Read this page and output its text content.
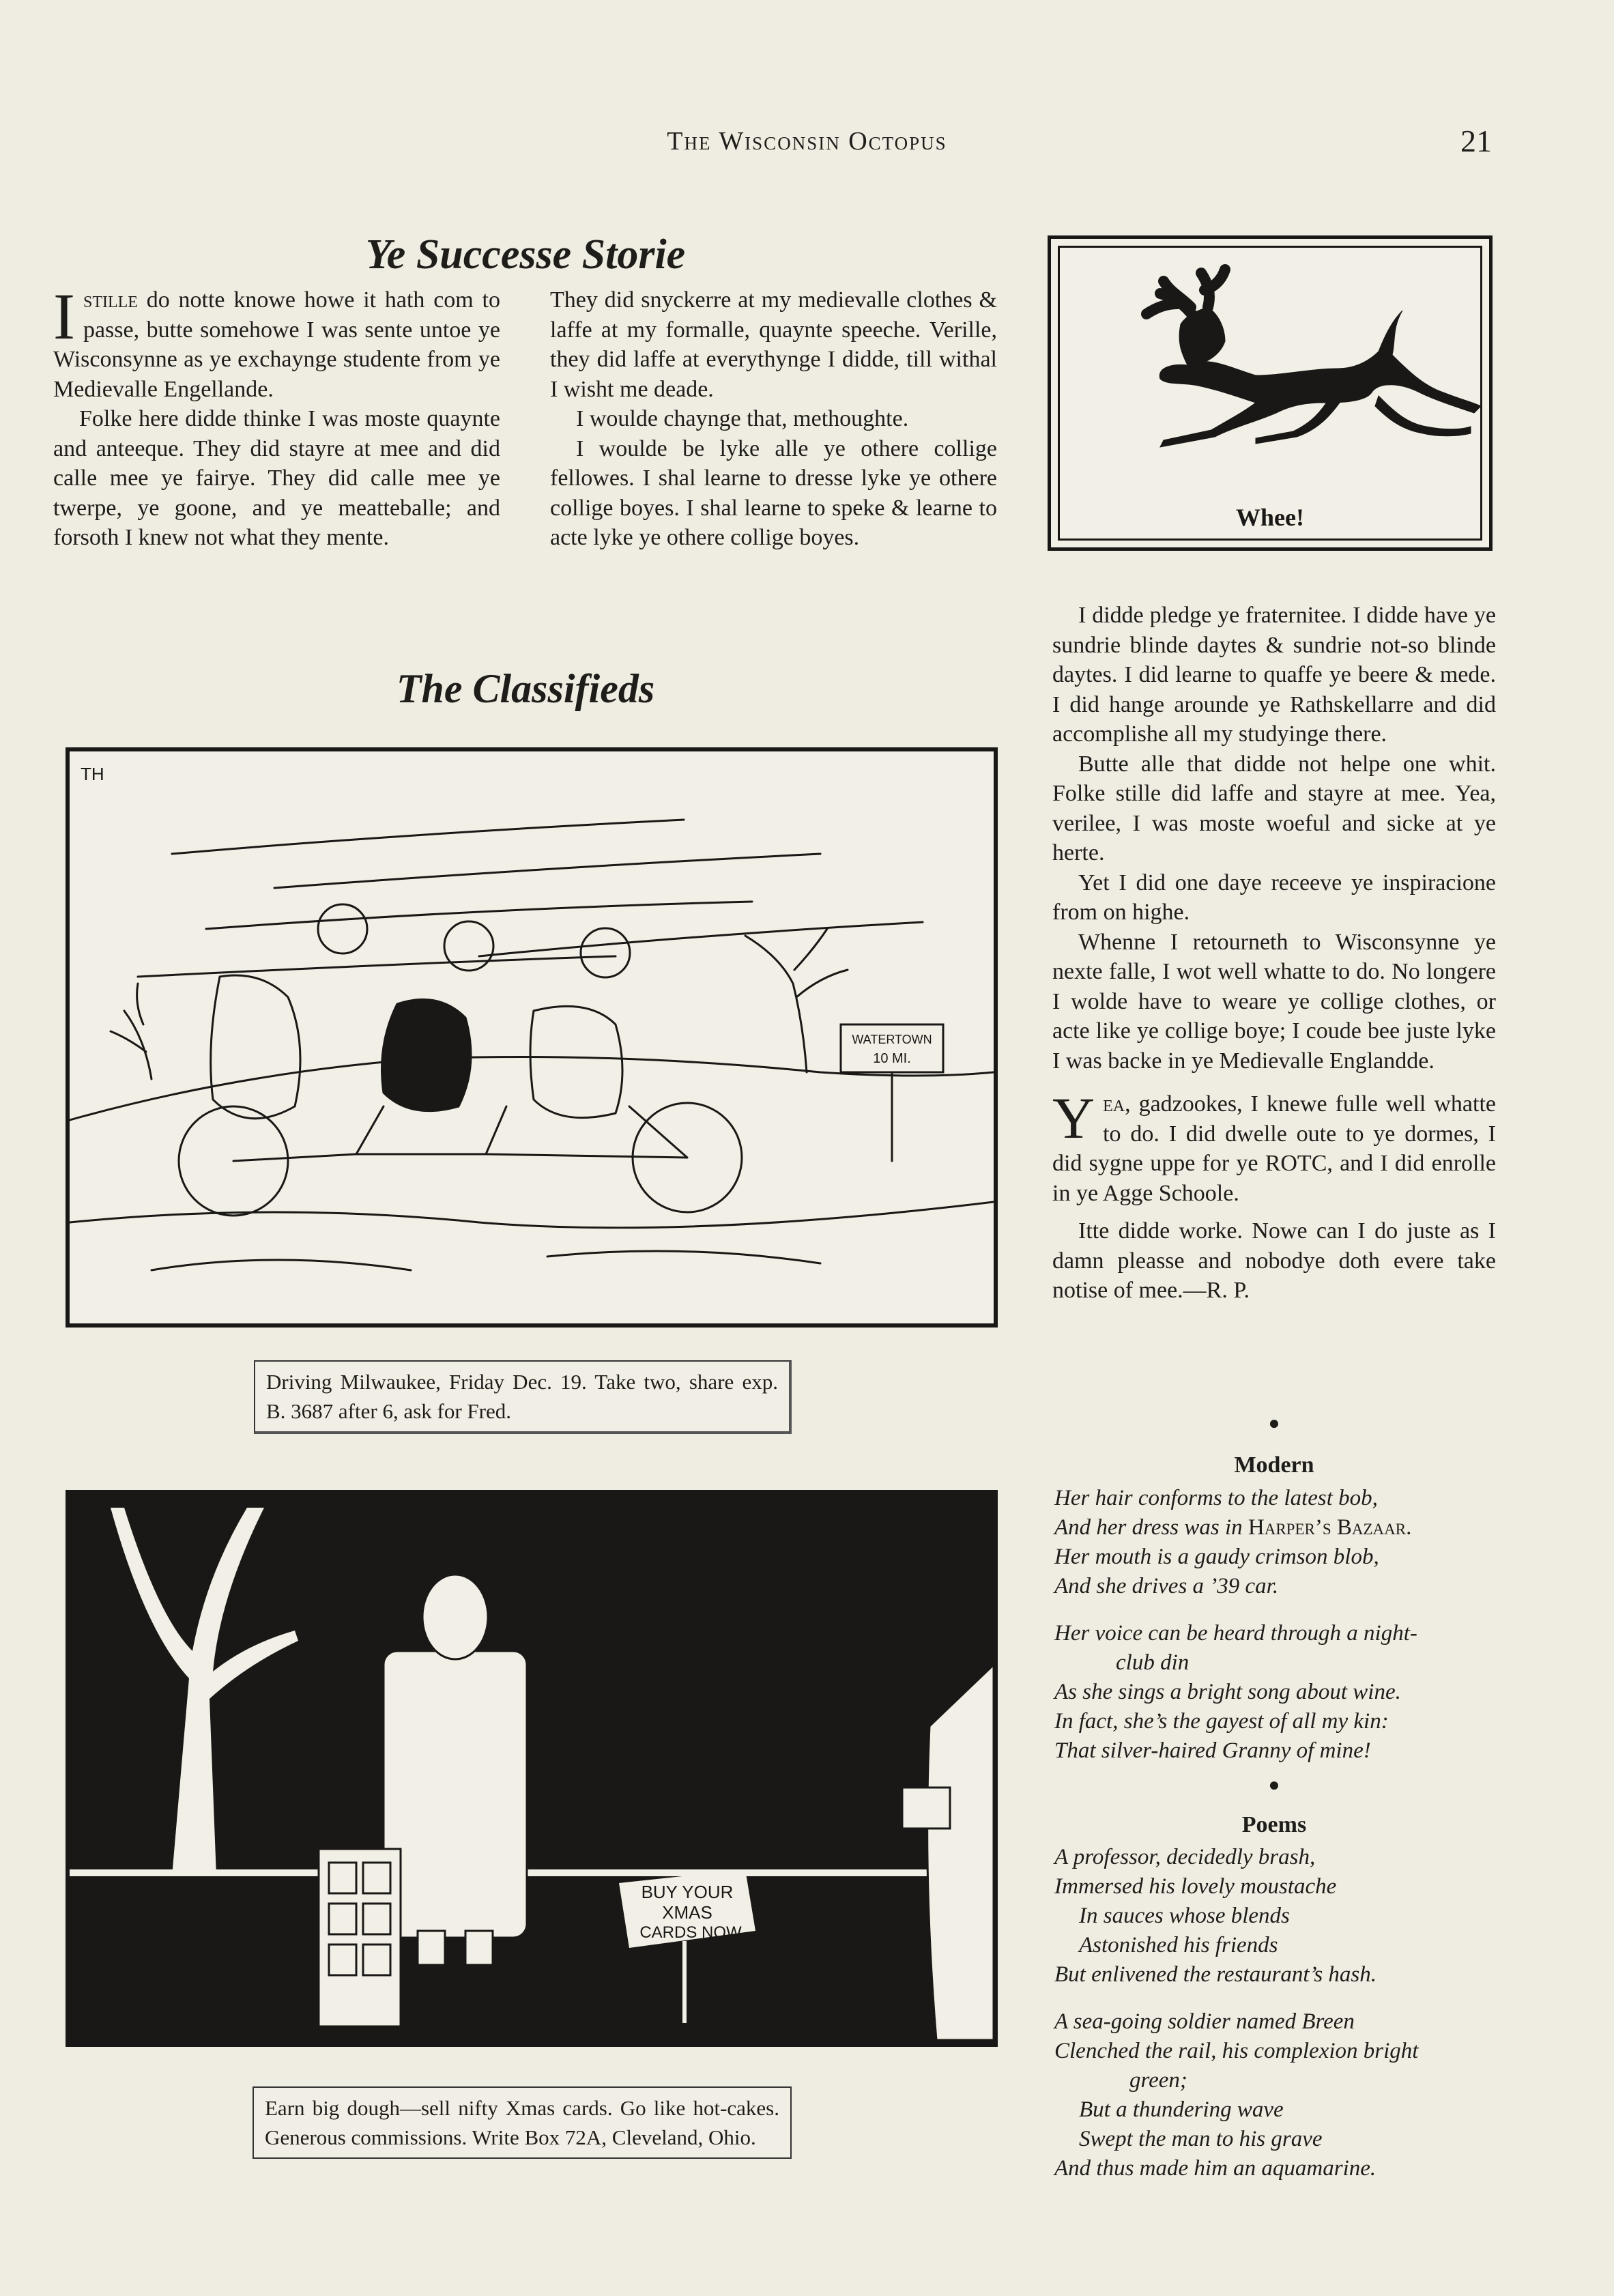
The Wisconsin Octopus	21
Ye Successe Storie

Istille do notte knowe howe it hath com to passe, butte somehowe I was sente untoe ye Wisconsynne as ye exchaynge studente from ye Medievalle Engellande.

Folke here didde thinke I was moste quaynte and anteeque. They did stayre at mee and did calle mee ye fairye. They did calle mee ye twerpe, ye goone, and ye meatteballe; and forsoth I knew not what they mente.

They did snyckerre at my medievalle clothes & laffe at my formalle, quaynte speeche. Verille, they did laffe at everythynge I didde, till withal I wisht me deade.

I woulde chaynge that, methoughte.

I woulde be lyke alle ye othere collige fellowes. I shal learne to dresse lyke ye othere collige boyes. I shal learne to speke & learne to acte lyke ye othere collige boyes.

Whee!

I didde pledge ye fraternitee. I didde have ye sundrie blinde daytes & sundrie not-so blinde daytes. I did learne to quaffe ye beere & mede. I did hange arounde ye Rathskellarre and did accomplishe all my studyinge there.

Butte alle that didde not helpe one whit. Folke stille did laffe and stayre at mee. Yea, verilee, I was moste woeful and sicke at ye herte.

Yet I did one daye receeve ye inspiracione from on highe.

Whenne I retourneth to Wisconsynne ye nexte falle, I wot well whatte to do. No longere I wolde have to weare ye collige clothes, or acte like ye collige boye; I coude bee juste lyke I was backe in ye Medievalle Englandde.

Yea, gadzookes, I knewe fulle well whatte to do. I did dwelle oute to ye dormes, I did sygne uppe for ye ROTC, and I did enrolle in ye Agge Schoole.

Itte didde worke. Nowe can I do juste as I damn pleasse and nobodye doth evere take notise of mee.—R. P.

●
Modern
Her hair conforms to the latest bob,
And her dress was in Harper’s Bazaar.
Her mouth is a gaudy crimson blob,
And she drives a ’39 car.
Her voice can be heard through a night-
club din
As she sings a bright song about wine.
In fact, she’s the gayest of all my kin:
That silver-haired Granny of mine!
●
Poems
A professor, decidedly brash,
Immersed his lovely moustache
In sauces whose blends
Astonished his friends
But enlivened the restaurant’s hash.
A sea-going soldier named Breen
Clenched the rail, his complexion bright
green;
But a thundering wave
Swept the man to his grave
And thus made him an aquamarine.
The Classifieds
TH
WATERTOWN
10 MI.
Driving Milwaukee, Friday Dec. 19. Take two, share exp. B. 3687 after 6, ask for Fred.
BUY YOUR
XMAS
CARDS NOW
Earn big dough—sell nifty Xmas cards. Go like hot-cakes. Generous commissions. Write Box 72A, Cleveland, Ohio.
